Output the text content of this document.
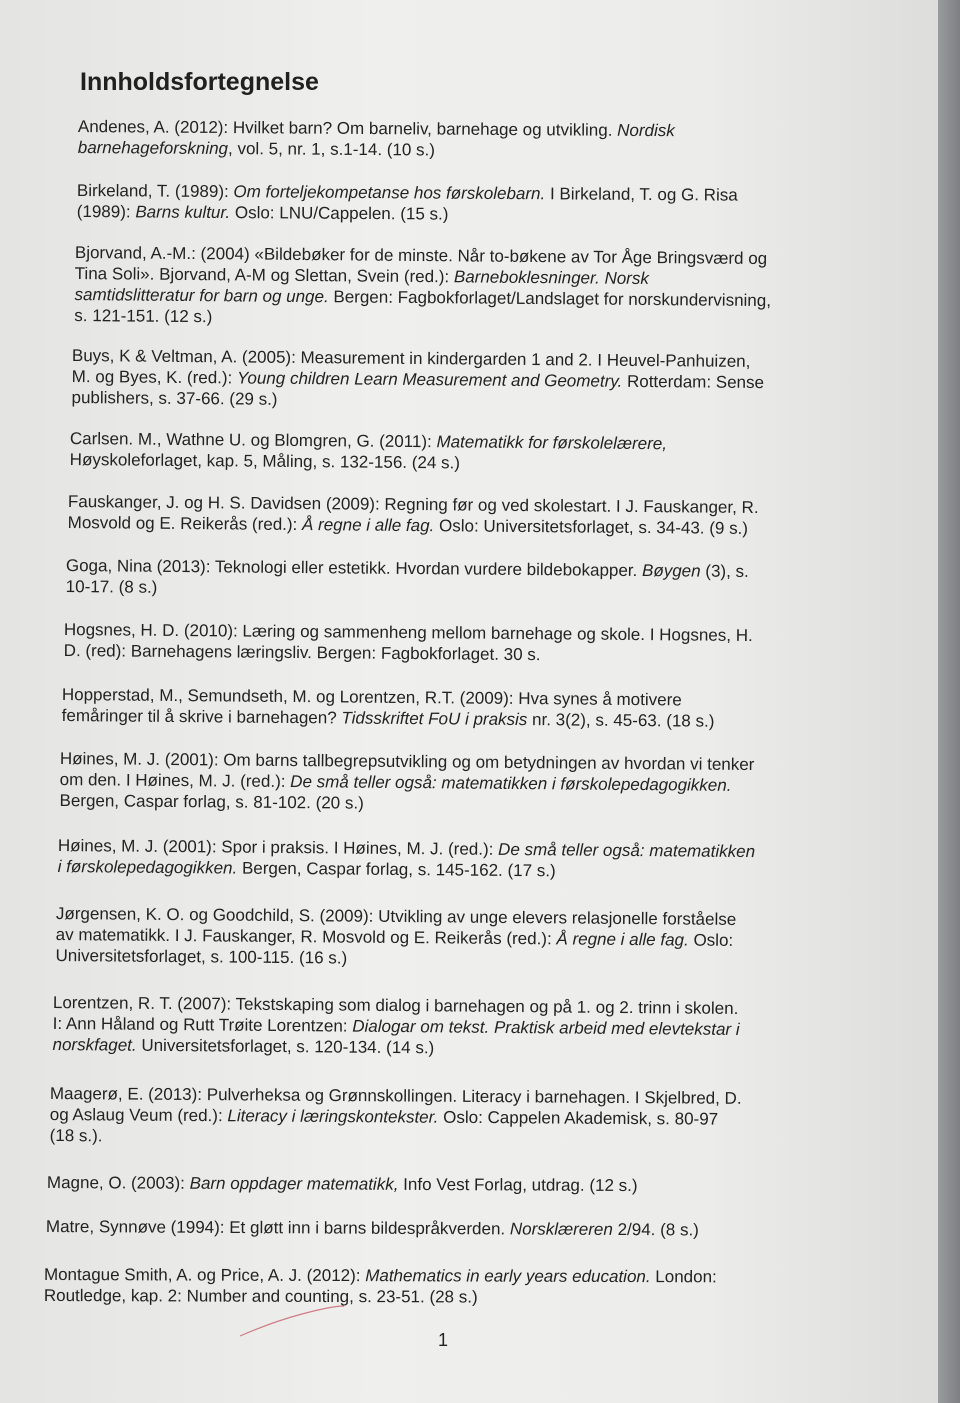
Innholdsfortegnelse

Andenes, A. (2012): Hvilket barn? Om barneliv, barnehage og utvikling. Nordisk

barnehageforskning, vol. 5, nr. 1, s.1-14. (10 s.)

Birkeland, T. (1989): Om forteljekompetanse hos førskolebarn. I Birkeland, T. og G. Risa

(1989): Barns kultur. Oslo: LNU/Cappelen. (15 s.)

Bjorvand, A.-M.: (2004) «Bildebøker for de minste. Når to-bøkene av Tor Åge Bringsværd og

Tina Soli». Bjorvand, A-M og Slettan, Svein (red.): Barneboklesninger. Norsk

samtidslitteratur for barn og unge. Bergen: Fagbokforlaget/Landslaget for norskundervisning,

s. 121-151. (12 s.)

Buys, K & Veltman, A. (2005): Measurement in kindergarden 1 and 2. I Heuvel-Panhuizen,

M. og Byes, K. (red.): Young children Learn Measurement and Geometry. Rotterdam: Sense

publishers, s. 37-66. (29 s.)

Carlsen. M., Wathne U. og Blomgren, G. (2011): Matematikk for førskolelærere,

Høyskoleforlaget, kap. 5, Måling, s. 132-156. (24 s.)

Fauskanger, J. og H. S. Davidsen (2009): Regning før og ved skolestart. I J. Fauskanger, R.

Mosvold og E. Reikerås (red.): Å regne i alle fag. Oslo: Universitetsforlaget, s. 34-43. (9 s.)

Goga, Nina (2013): Teknologi eller estetikk. Hvordan vurdere bildebokapper. Bøygen (3), s.

10-17. (8 s.)

Hogsnes, H. D. (2010): Læring og sammenheng mellom barnehage og skole. I Hogsnes, H.

D. (red): Barnehagens læringsliv. Bergen: Fagbokforlaget. 30 s.

Hopperstad, M., Semundseth, M. og Lorentzen, R.T. (2009): Hva synes å motivere

femåringer til å skrive i barnehagen? Tidsskriftet FoU i praksis nr. 3(2), s. 45-63. (18 s.)

Høines, M. J. (2001): Om barns tallbegrepsutvikling og om betydningen av hvordan vi tenker

om den. I Høines, M. J. (red.): De små teller også: matematikken i førskolepedagogikken.

Bergen, Caspar forlag, s. 81-102. (20 s.)

Høines, M. J. (2001): Spor i praksis. I Høines, M. J. (red.): De små teller også: matematikken

i førskolepedagogikken. Bergen, Caspar forlag, s. 145-162. (17 s.)

Jørgensen, K. O. og Goodchild, S. (2009): Utvikling av unge elevers relasjonelle forståelse

av matematikk. I J. Fauskanger, R. Mosvold og E. Reikerås (red.): Å regne i alle fag. Oslo:

Universitetsforlaget, s. 100-115. (16 s.)

Lorentzen, R. T. (2007): Tekstskaping som dialog i barnehagen og på 1. og 2. trinn i skolen.

I: Ann Håland og Rutt Trøite Lorentzen: Dialogar om tekst. Praktisk arbeid med elevtekstar i

norskfaget. Universitetsforlaget, s. 120-134. (14 s.)

Maagerø, E. (2013): Pulverheksa og Grønnskollingen. Literacy i barnehagen. I Skjelbred, D.

og Aslaug Veum (red.): Literacy i læringskontekster. Oslo: Cappelen Akademisk, s. 80-97

(18 s.).

Magne, O. (2003): Barn oppdager matematikk, Info Vest Forlag, utdrag. (12 s.)

Matre, Synnøve (1994): Et gløtt inn i barns bildespråkverden. Norsklæreren 2/94. (8 s.)

Montague Smith, A. og Price, A. J. (2012): Mathematics in early years education. London:

Routledge, kap. 2: Number and counting, s. 23-51. (28 s.)

1
